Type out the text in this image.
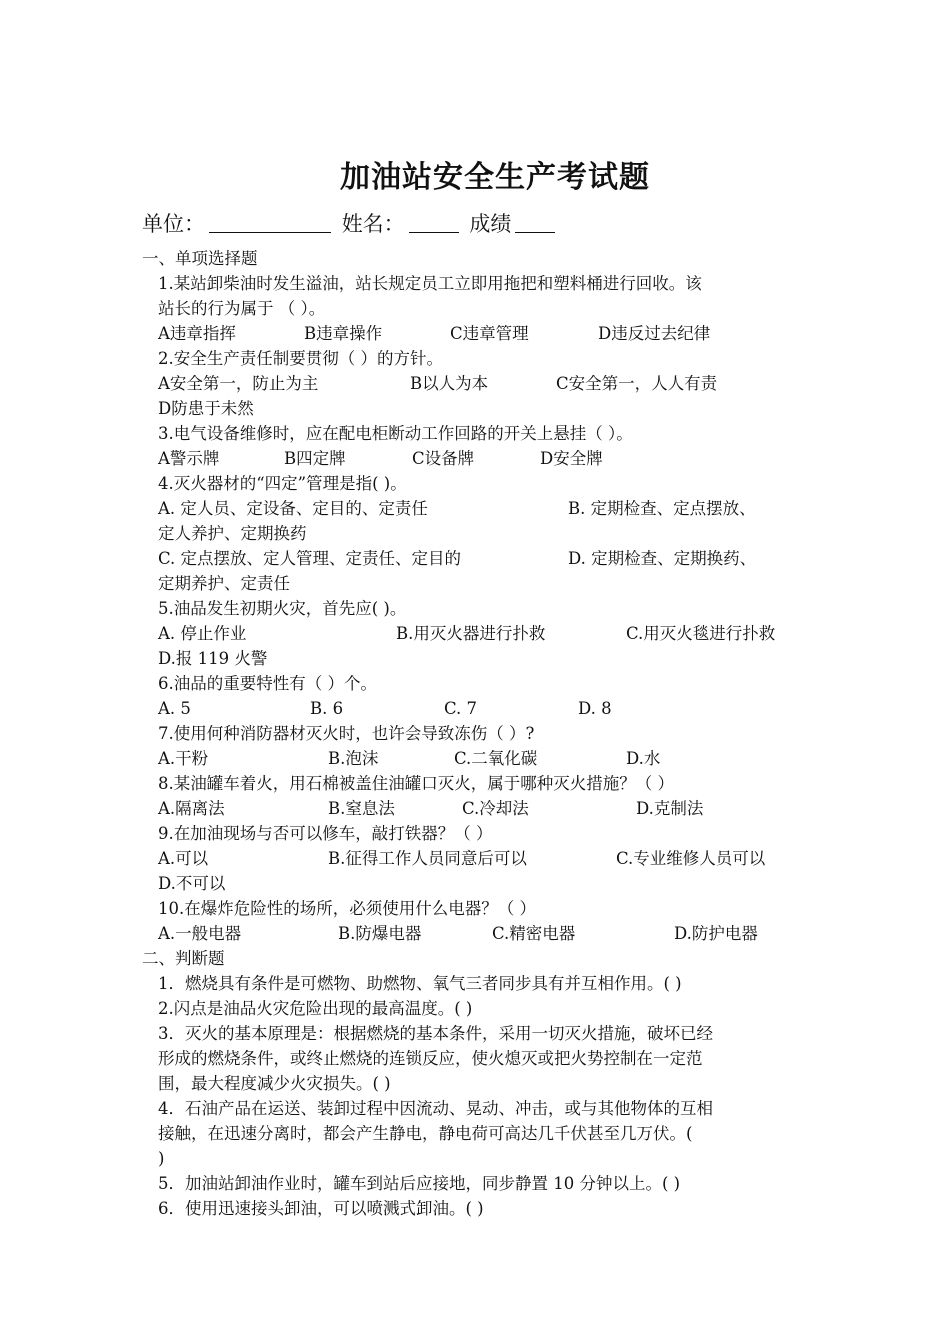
加油站安全生产考试题
单位：	姓名：	成绩
一、单项选择题
1.某站卸柴油时发生溢油，站长规定员工立即用拖把和塑料桶进行回收。该
站长的行为属于 （ ）。
A违章指挥	B违章操作	C违章管理	D违反过去纪律
2.安全生产责任制要贯彻（ ）的方针。
A安全第一，防止为主	B以人为本	C安全第一，人人有责
D防患于未然
3.电气设备维修时，应在配电柜断动工作回路的开关上悬挂（ ）。
A警示牌	B四定牌	C设备牌	D安全牌
4.灭火器材的“四定”管理是指( )。
A. 定人员、定设备、定目的、定责任	B. 定期检查、定点摆放、
定人养护、定期换药
C. 定点摆放、定人管理、定责任、定目的	D. 定期检查、定期换药、
定期养护、定责任
5.油品发生初期火灾，首先应( )。
A. 停止作业	B.用灭火器进行扑救	C.用灭火毯进行扑救
D.报 119 火警
6.油品的重要特性有（ ）个。
A. 5	B. 6	C. 7	D. 8
7.使用何种消防器材灭火时，也许会导致冻伤（ ）?
A.干粉	B.泡沫	C.二氧化碳	D.水
8.某油罐车着火，用石棉被盖住油罐口灭火，属于哪种灭火措施？（ ）
A.隔离法	B.窒息法	C.冷却法	D.克制法
9.在加油现场与否可以修车，敲打铁器？（ ）
A.可以	B.征得工作人员同意后可以	C.专业维修人员可以
D.不可以
10.在爆炸危险性的场所，必须使用什么电器？（ ）
A.一般电器	B.防爆电器	C.精密电器	D.防护电器
二、判断题
1．燃烧具有条件是可燃物、助燃物、氧气三者同步具有并互相作用。( )
2.闪点是油品火灾危险出现的最高温度。( )
3．灭火的基本原理是：根据燃烧的基本条件，采用一切灭火措施，破坏已经
形成的燃烧条件，或终止燃烧的连锁反应，使火熄灭或把火势控制在一定范
围，最大程度减少火灾损失。( )
4．石油产品在运送、装卸过程中因流动、晃动、冲击，或与其他物体的互相
接触，在迅速分离时，都会产生静电，静电荷可高达几千伏甚至几万伏。(
)
5．加油站卸油作业时，罐车到站后应接地，同步静置 10 分钟以上。( )
6．使用迅速接头卸油，可以喷溅式卸油。( )
